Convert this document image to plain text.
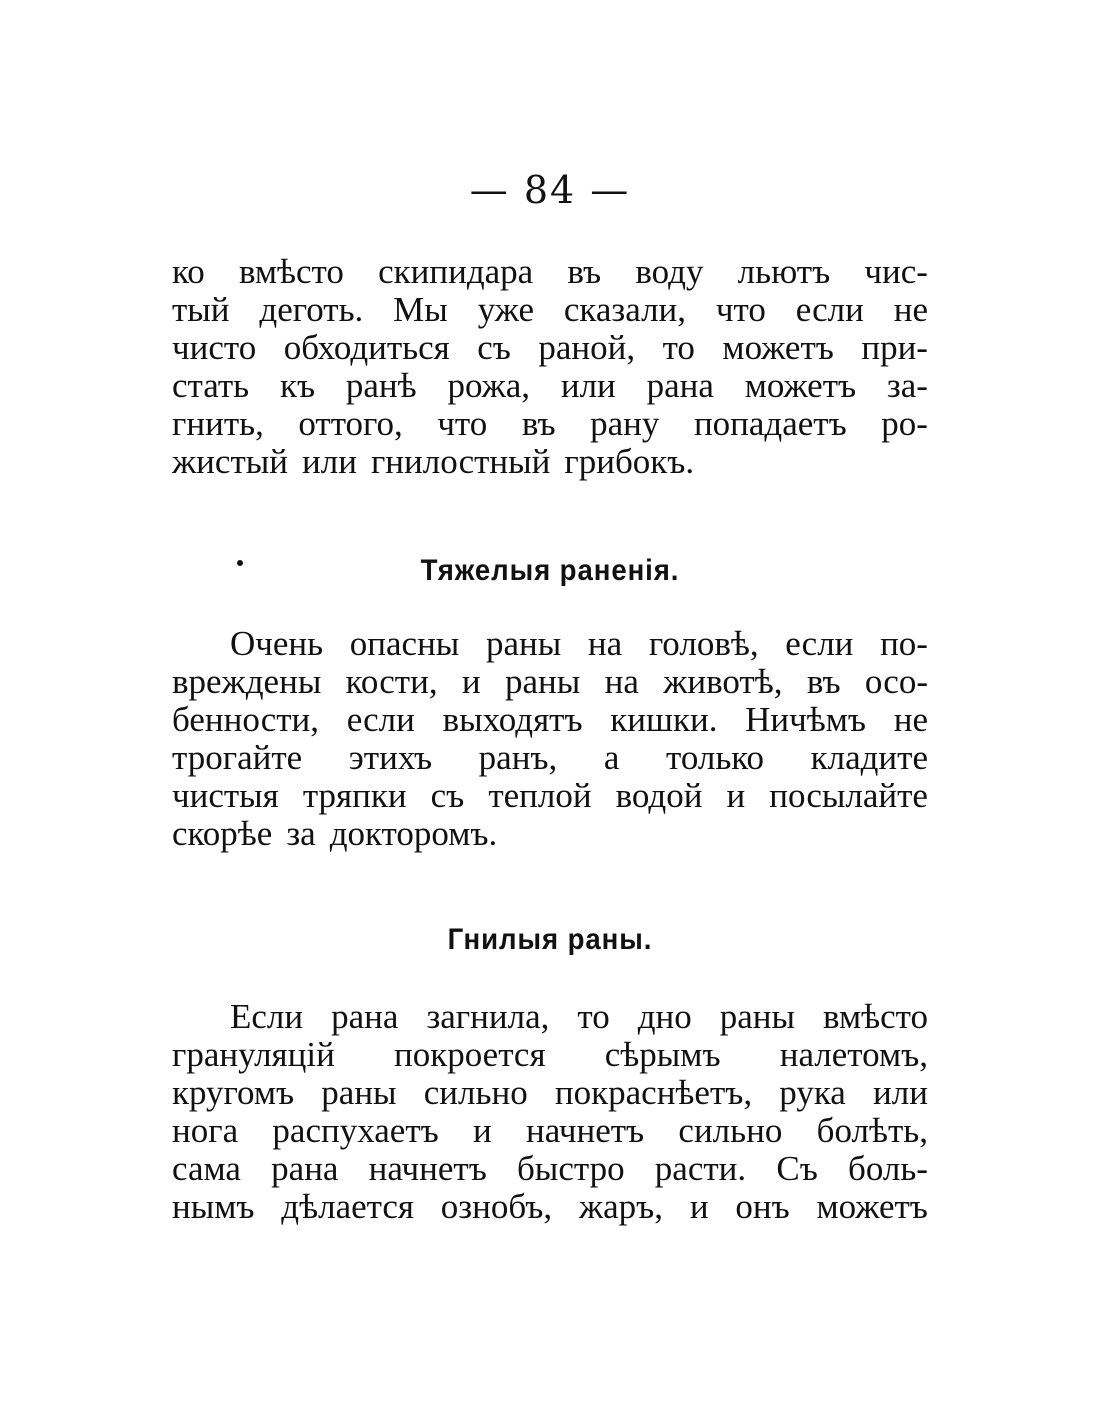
— 84 —
ко вмѣсто скипидара въ воду льютъ чис-
тый деготь. Мы уже сказали, что если не
чисто обходиться съ раной, то можетъ при-
стать къ ранѣ рожа, или рана можетъ за-
гнить, оттого, что въ рану попадаетъ ро-
жистый или гнилостный грибокъ.
Тяжелыя раненія.
Очень опасны раны на головѣ, если по-
вреждены кости, и раны на животѣ, въ осо-
бенности, если выходятъ кишки. Ничѣмъ не
трогайте этихъ ранъ, а только кладите
чистыя тряпки съ теплой водой и посылайте
скорѣе за докторомъ.
Гнилыя раны.
Если рана загнила, то дно раны вмѣсто
грануляцій покроется сѣрымъ налетомъ,
кругомъ раны сильно покраснѣетъ, рука или
нога распухаетъ и начнетъ сильно болѣть,
сама рана начнетъ быстро расти. Съ боль-
нымъ дѣлается ознобъ, жаръ, и онъ можетъ
